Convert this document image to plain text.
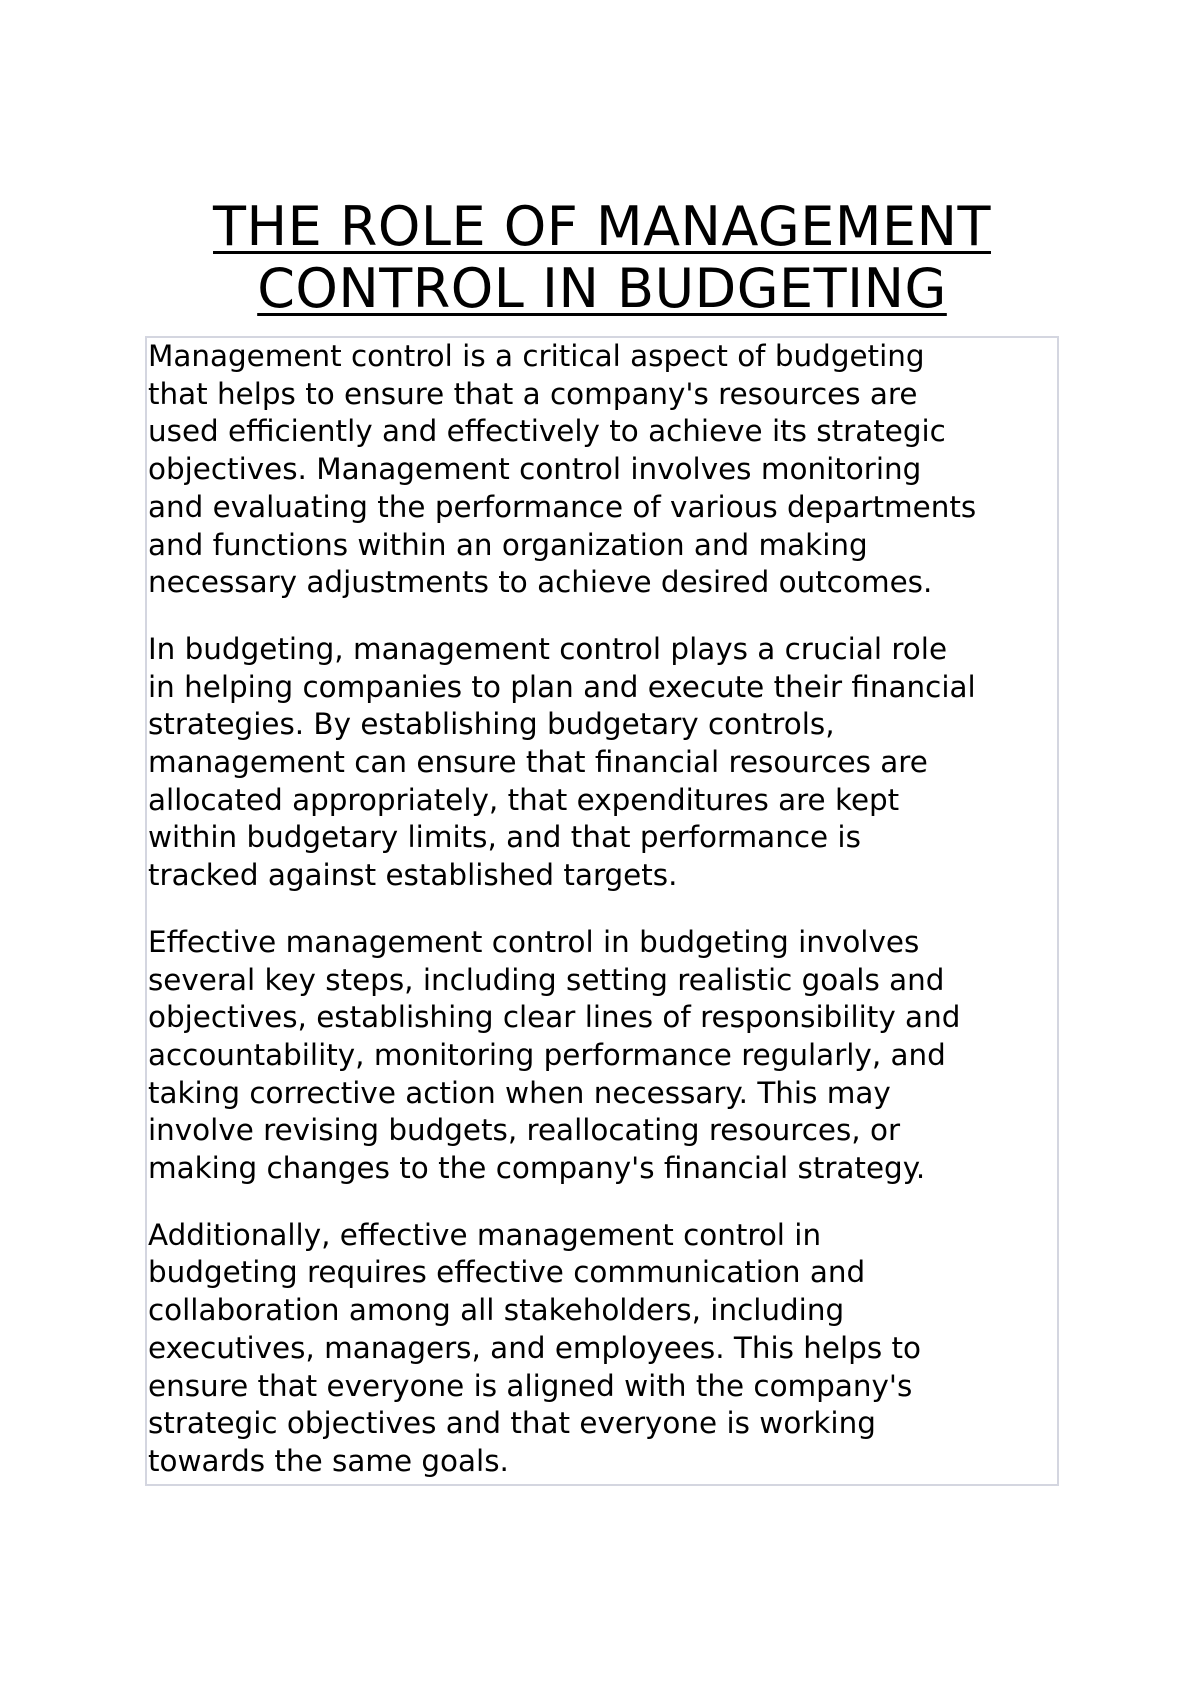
THE ROLE OF MANAGEMENT
CONTROL IN BUDGETING

Management control is a critical aspect of budgeting
that helps to ensure that a company's resources are
used efficiently and effectively to achieve its strategic
objectives. Management control involves monitoring
and evaluating the performance of various departments
and functions within an organization and making
necessary adjustments to achieve desired outcomes.

In budgeting, management control plays a crucial role
in helping companies to plan and execute their financial
strategies. By establishing budgetary controls,
management can ensure that financial resources are
allocated appropriately, that expenditures are kept
within budgetary limits, and that performance is
tracked against established targets.

Effective management control in budgeting involves
several key steps, including setting realistic goals and
objectives, establishing clear lines of responsibility and
accountability, monitoring performance regularly, and
taking corrective action when necessary. This may
involve revising budgets, reallocating resources, or
making changes to the company's financial strategy.

Additionally, effective management control in
budgeting requires effective communication and
collaboration among all stakeholders, including
executives, managers, and employees. This helps to
ensure that everyone is aligned with the company's
strategic objectives and that everyone is working
towards the same goals.
